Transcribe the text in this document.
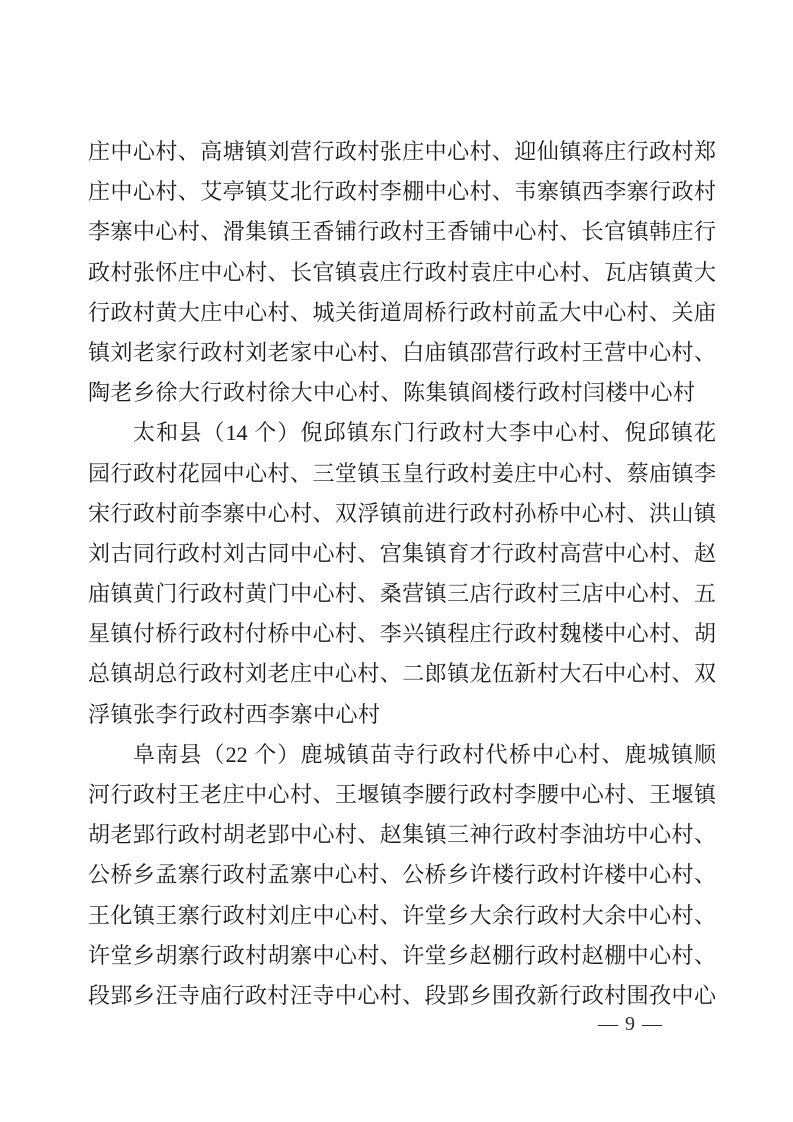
庄中心村、高塘镇刘营行政村张庄中心村、迎仙镇蒋庄行政村郑
庄中心村、艾亭镇艾北行政村李棚中心村、韦寨镇西李寨行政村
李寨中心村、滑集镇王香铺行政村王香铺中心村、长官镇韩庄行
政村张怀庄中心村、长官镇袁庄行政村袁庄中心村、瓦店镇黄大
行政村黄大庄中心村、城关街道周桥行政村前孟大中心村、关庙
镇刘老家行政村刘老家中心村、白庙镇邵营行政村王营中心村、
陶老乡徐大行政村徐大中心村、陈集镇阎楼行政村闫楼中心村
太和县（14 个）倪邱镇东门行政村大李中心村、倪邱镇花
园行政村花园中心村、三堂镇玉皇行政村姜庄中心村、蔡庙镇李
宋行政村前李寨中心村、双浮镇前进行政村孙桥中心村、洪山镇
刘古同行政村刘古同中心村、宫集镇育才行政村高营中心村、赵
庙镇黄门行政村黄门中心村、桑营镇三店行政村三店中心村、五
星镇付桥行政村付桥中心村、李兴镇程庄行政村魏楼中心村、胡
总镇胡总行政村刘老庄中心村、二郎镇龙伍新村大石中心村、双
浮镇张李行政村西李寨中心村
阜南县（22 个）鹿城镇苗寺行政村代桥中心村、鹿城镇顺
河行政村王老庄中心村、王堰镇李腰行政村李腰中心村、王堰镇
胡老郢行政村胡老郢中心村、赵集镇三神行政村李油坊中心村、
公桥乡孟寨行政村孟寨中心村、公桥乡许楼行政村许楼中心村、
王化镇王寨行政村刘庄中心村、许堂乡大余行政村大余中心村、
许堂乡胡寨行政村胡寨中心村、许堂乡赵棚行政村赵棚中心村、
段郢乡汪寺庙行政村汪寺中心村、段郢乡围孜新行政村围孜中心
— 9 —
